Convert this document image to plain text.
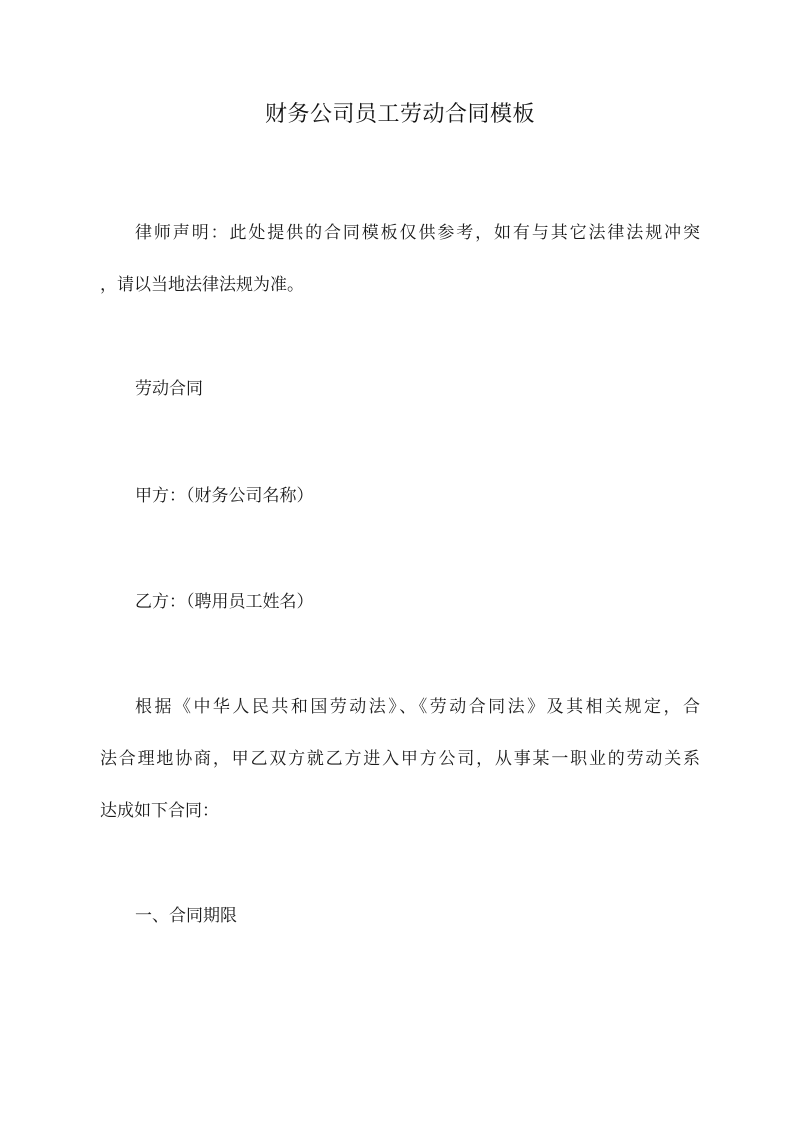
财务公司员工劳动合同模板
律师声明：此处提供的合同模板仅供参考，如有与其它法律法规冲突
，请以当地法律法规为准。
劳动合同
甲方：（财务公司名称）
乙方：（聘用员工姓名）
根据《中华人民共和国劳动法》、《劳动合同法》及其相关规定，合
法合理地协商，甲乙双方就乙方进入甲方公司，从事某一职业的劳动关系
达成如下合同：
一、合同期限
